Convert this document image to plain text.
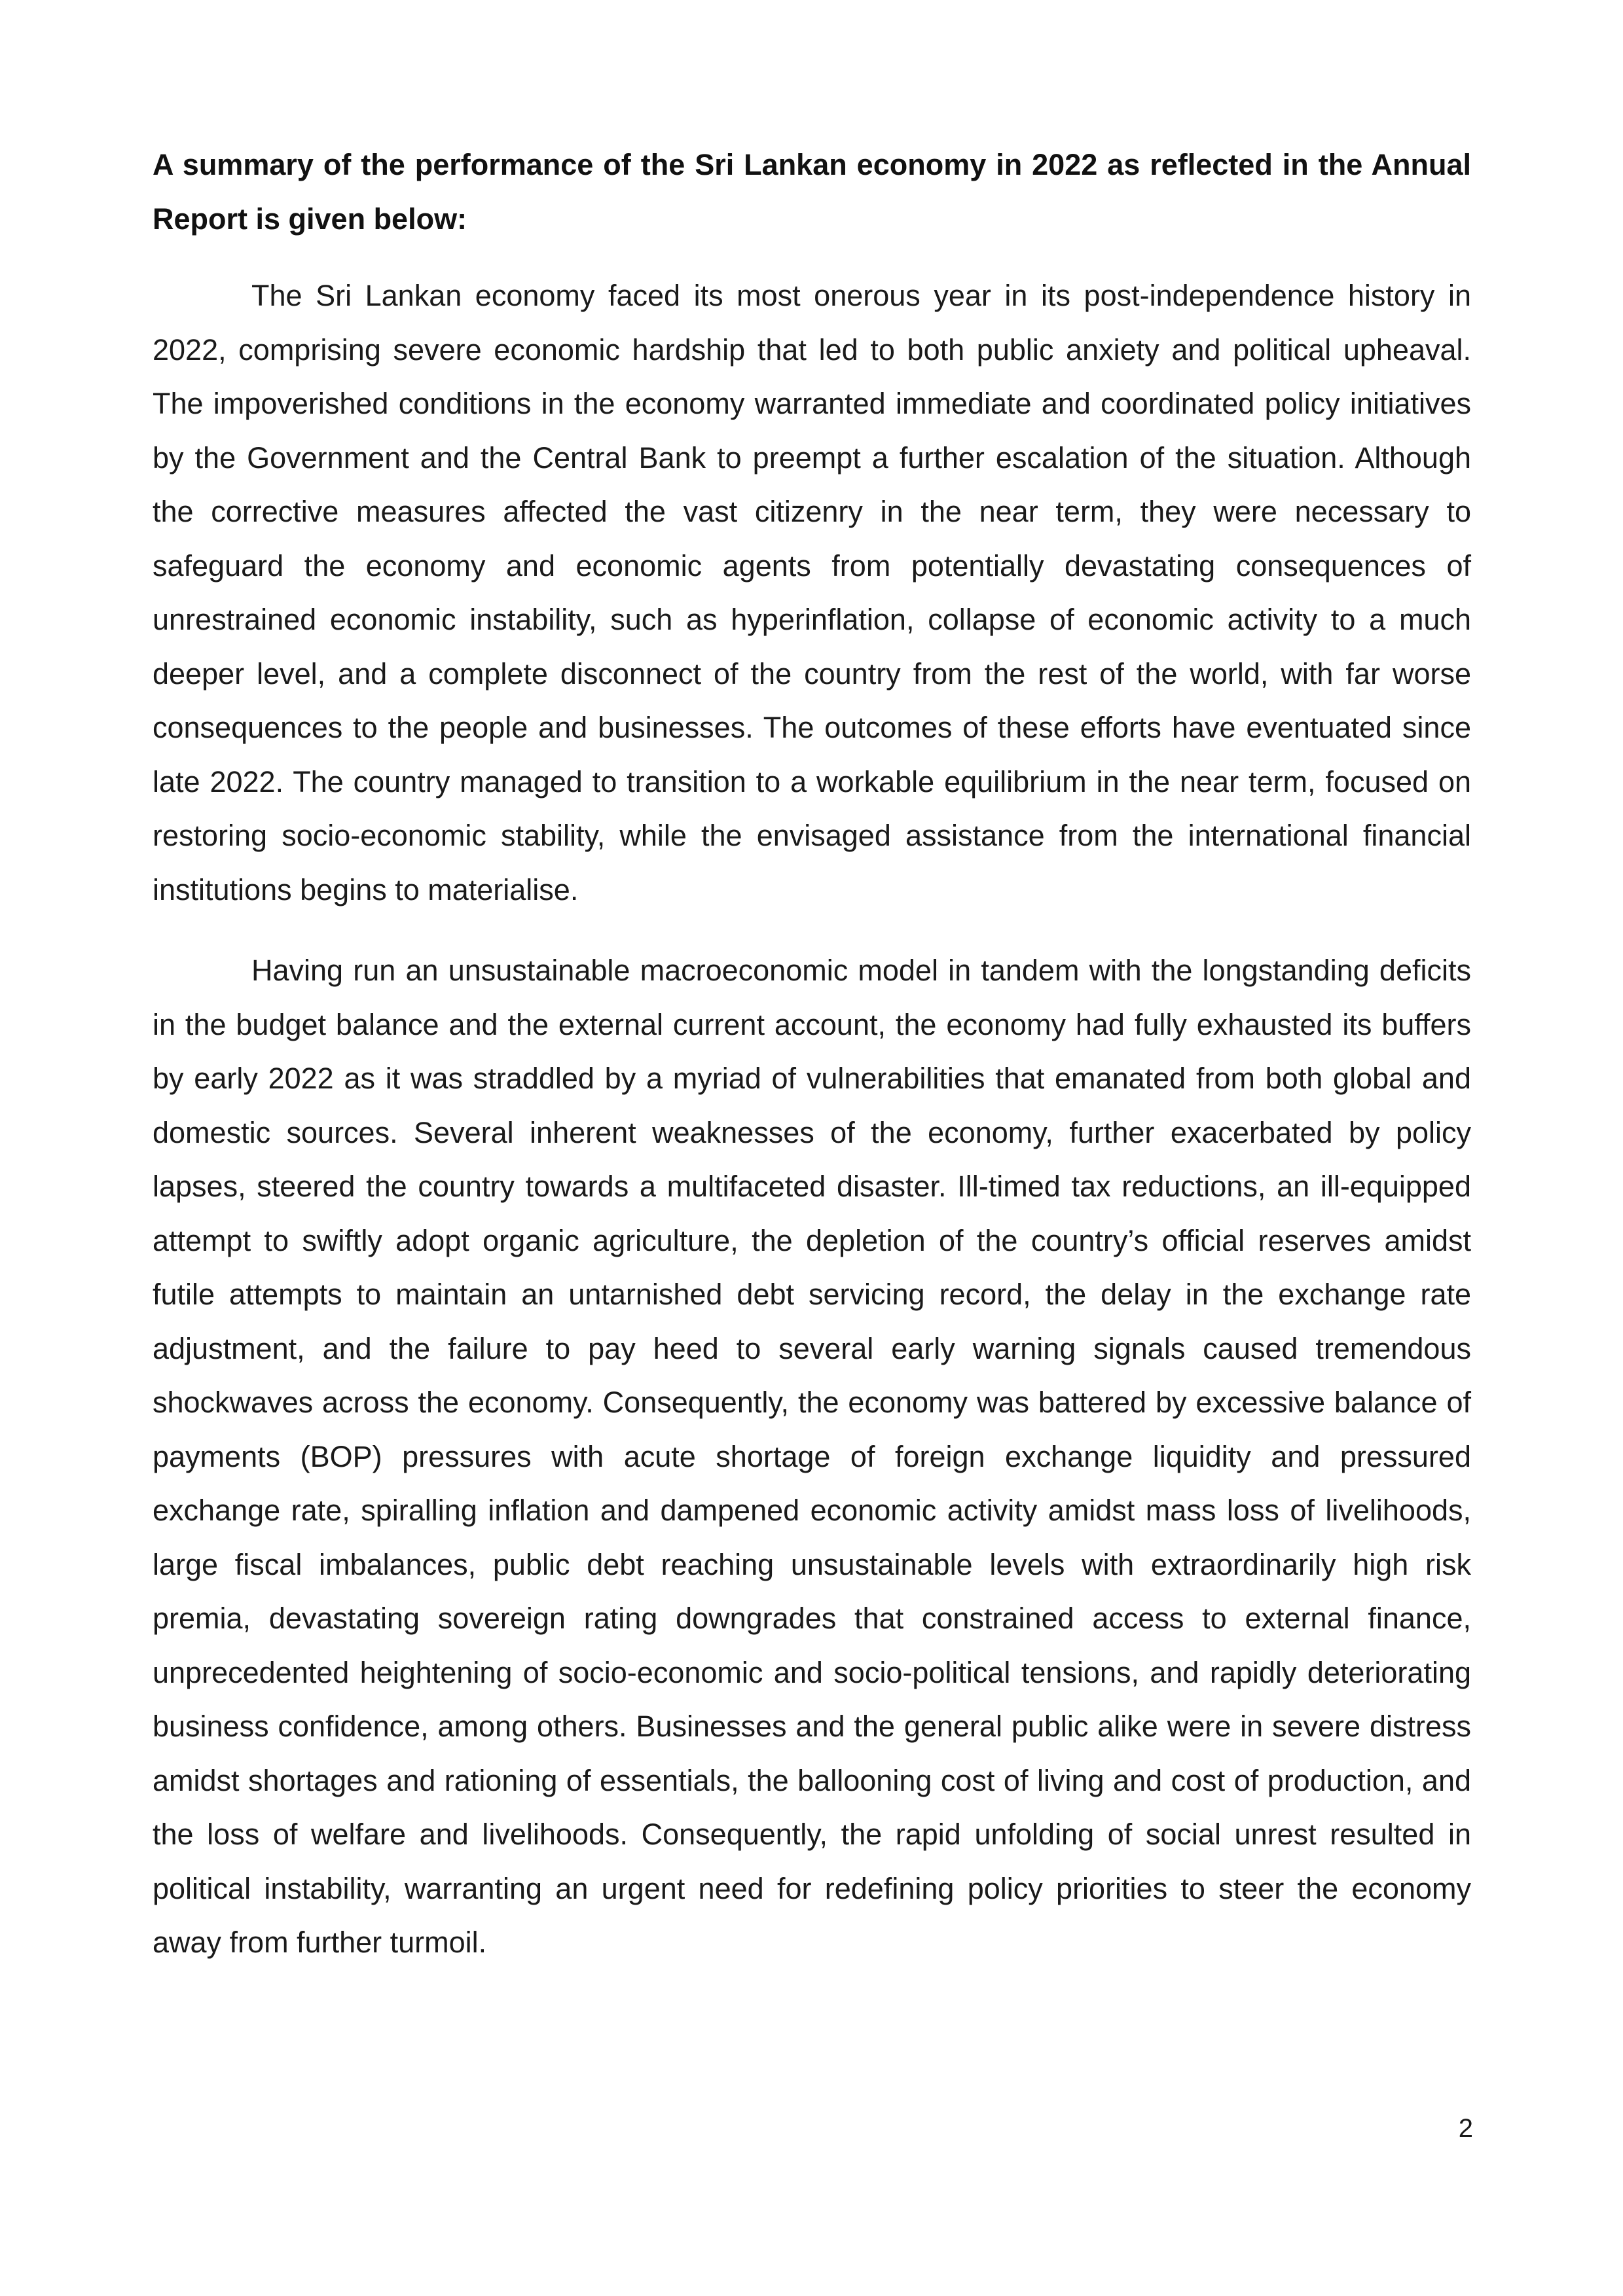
A summary of the performance of the Sri Lankan economy in 2022 as reflected in the Annual Report is given below:

The Sri Lankan economy faced its most onerous year in its post-independence history in 2022, comprising severe economic hardship that led to both public anxiety and political upheaval. The impoverished conditions in the economy warranted immediate and coordinated policy initiatives by the Government and the Central Bank to preempt a further escalation of the situation. Although the corrective measures affected the vast citizenry in the near term, they were necessary to safeguard the economy and economic agents from potentially devastating consequences of unrestrained economic instability, such as hyperinflation, collapse of economic activity to a much deeper level, and a complete disconnect of the country from the rest of the world, with far worse consequences to the people and businesses. The outcomes of these efforts have eventuated since late 2022. The country managed to transition to a workable equilibrium in the near term, focused on restoring socio-economic stability, while the envisaged assistance from the international financial institutions begins to materialise.

Having run an unsustainable macroeconomic model in tandem with the longstanding deficits in the budget balance and the external current account, the economy had fully exhausted its buffers by early 2022 as it was straddled by a myriad of vulnerabilities that emanated from both global and domestic sources. Several inherent weaknesses of the economy, further exacerbated by policy lapses, steered the country towards a multifaceted disaster. Ill-timed tax reductions, an ill-equipped attempt to swiftly adopt organic agriculture, the depletion of the country’s official reserves amidst futile attempts to maintain an untarnished debt servicing record, the delay in the exchange rate adjustment, and the failure to pay heed to several early warning signals caused tremendous shockwaves across the economy. Consequently, the economy was battered by excessive balance of payments (BOP) pressures with acute shortage of foreign exchange liquidity and pressured exchange rate, spiralling inflation and dampened economic activity amidst mass loss of livelihoods, large fiscal imbalances, public debt reaching unsustainable levels with extraordinarily high risk premia, devastating sovereign rating downgrades that constrained access to external finance, unprecedented heightening of socio-economic and socio-political tensions, and rapidly deteriorating business confidence, among others. Businesses and the general public alike were in severe distress amidst shortages and rationing of essentials, the ballooning cost of living and cost of production, and the loss of welfare and livelihoods. Consequently, the rapid unfolding of social unrest resulted in political instability, warranting an urgent need for redefining policy priorities to steer the economy away from further turmoil.

2
